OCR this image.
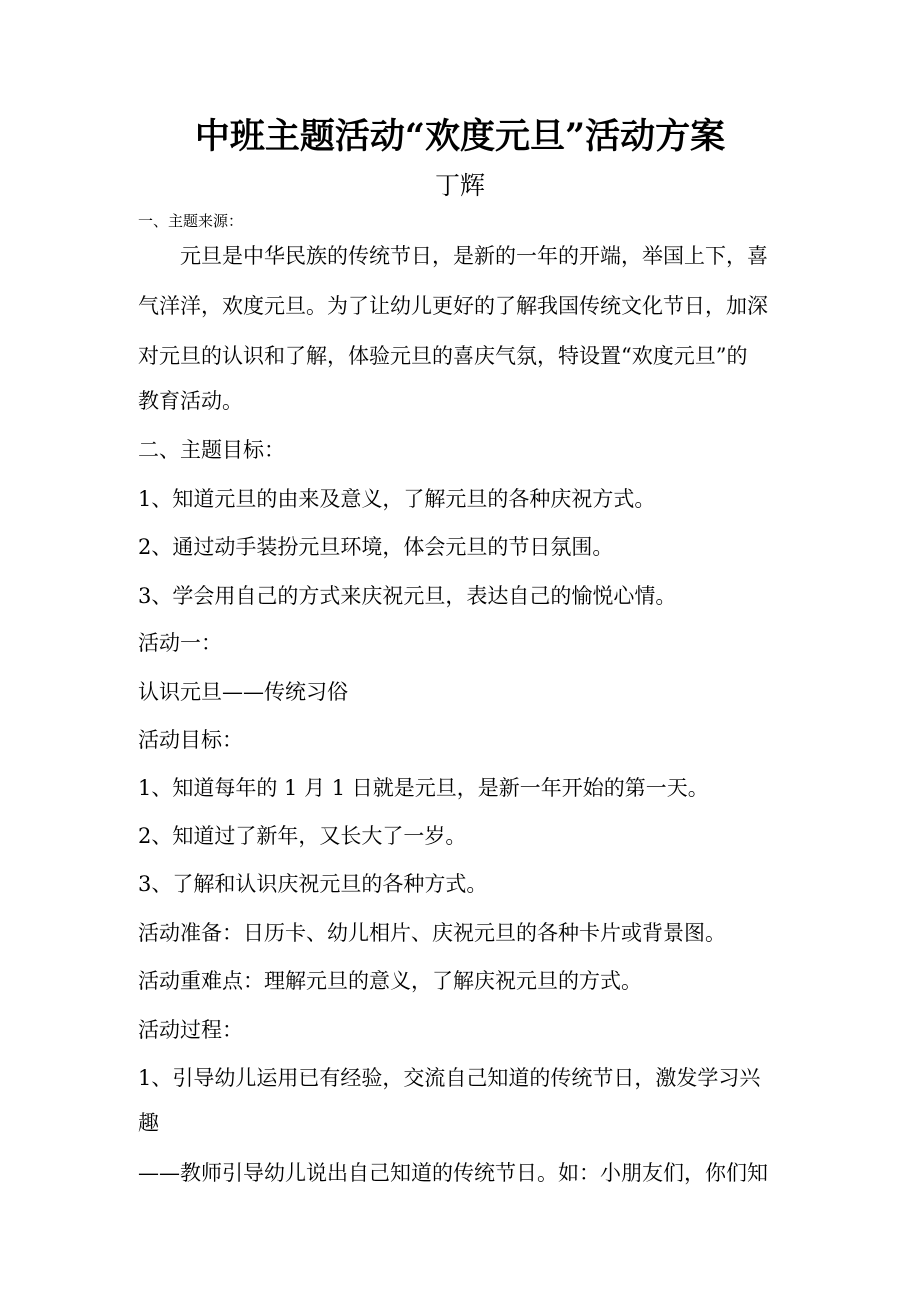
中班主题活动“欢度元旦”活动方案
丁辉
一、主题来源：
元旦是中华民族的传统节日，是新的一年的开端，举国上下，喜
气洋洋，欢度元旦。为了让幼儿更好的了解我国传统文化节日，加深
对元旦的认识和了解，体验元旦的喜庆气氛，特设置“欢度元旦”的
教育活动。
二、主题目标：
1、知道元旦的由来及意义，了解元旦的各种庆祝方式。
2、通过动手装扮元旦环境，体会元旦的节日氛围。
3、学会用自己的方式来庆祝元旦，表达自己的愉悦心情。
活动一：
认识元旦——传统习俗
活动目标：
1、知道每年的 1 月 1 日就是元旦，是新一年开始的第一天。
2、知道过了新年，又长大了一岁。
3、了解和认识庆祝元旦的各种方式。
活动准备：日历卡、幼儿相片、庆祝元旦的各种卡片或背景图。
活动重难点：理解元旦的意义，了解庆祝元旦的方式。
活动过程：
1、引导幼儿运用已有经验，交流自己知道的传统节日，激发学习兴
趣
——教师引导幼儿说出自己知道的传统节日。如：小朋友们，你们知
